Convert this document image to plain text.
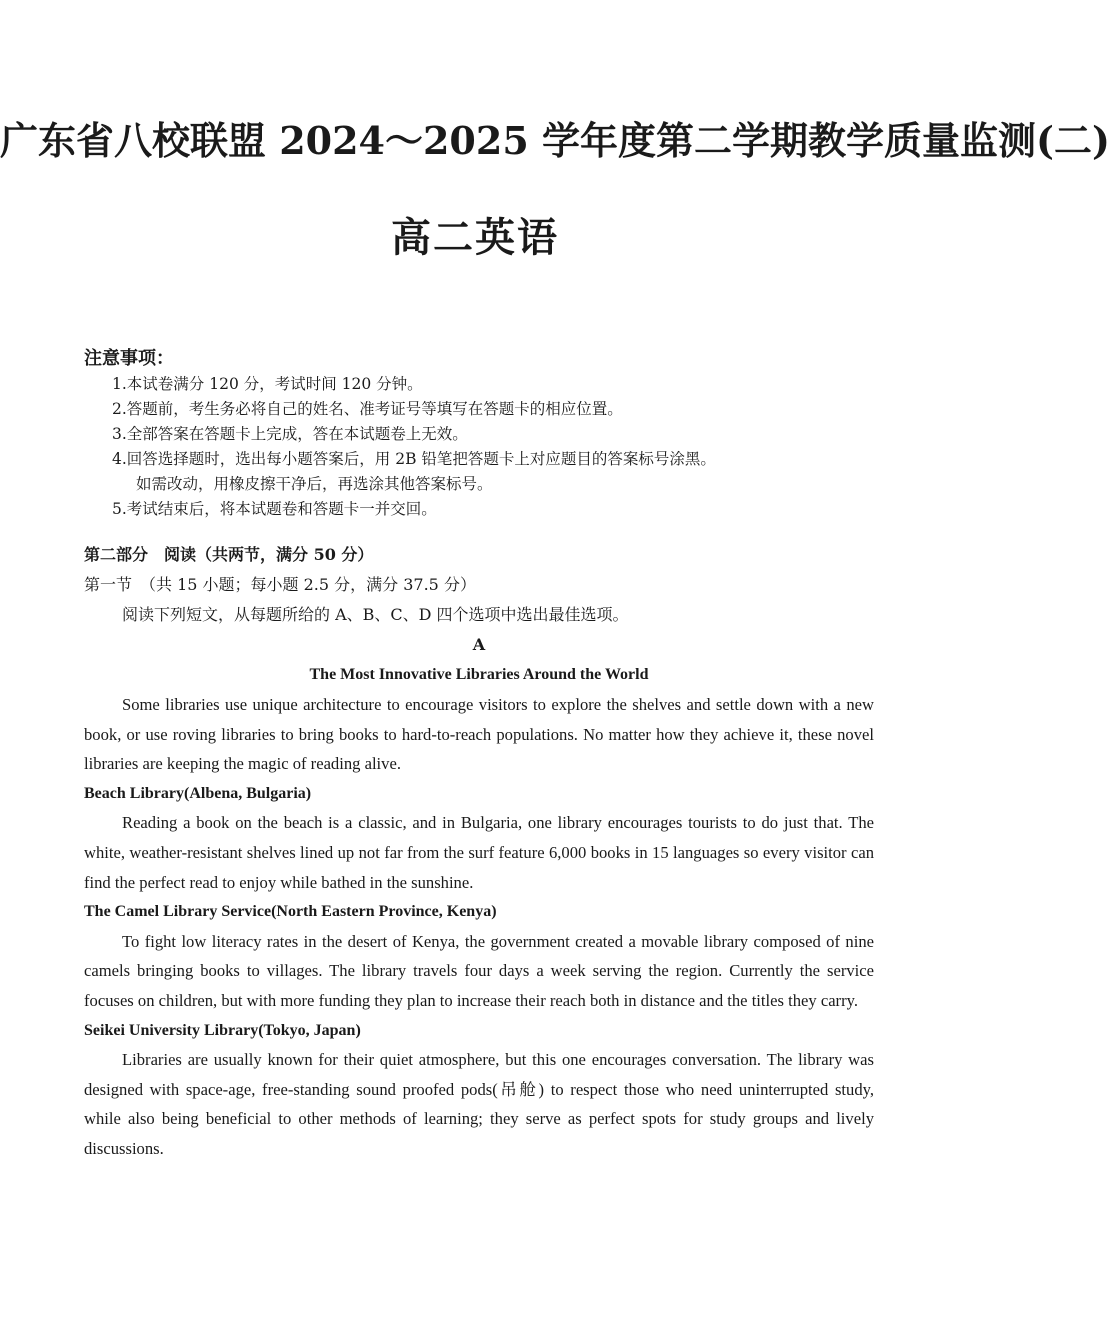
广东省八校联盟 2024～2025 学年度第二学期教学质量监测(二)
高二英语
注意事项：
1.本试卷满分 120 分，考试时间 120 分钟。
2.答题前，考生务必将自己的姓名、准考证号等填写在答题卡的相应位置。
3.全部答案在答题卡上完成，答在本试题卷上无效。
4.回答选择题时，选出每小题答案后，用 2B 铅笔把答题卡上对应题目的答案标号涂黑。
如需改动，用橡皮擦干净后，再选涂其他答案标号。
5.考试结束后，将本试题卷和答题卡一并交回。
第二部分　阅读（共两节，满分 50 分）
第一节　（共 15 小题；每小题 2.5 分，满分 37.5 分）
阅读下列短文，从每题所给的 A、B、C、D 四个选项中选出最佳选项。
A
The Most Innovative Libraries Around the World

Some libraries use unique architecture to encourage visitors to explore the shelves and settle down with a new book, or use roving libraries to bring books to hard-to-reach populations. No matter how they achieve it, these novel libraries are keeping the magic of reading alive.

Beach Library(Albena, Bulgaria)

Reading a book on the beach is a classic, and in Bulgaria, one library encourages tourists to do just that. The white, weather-resistant shelves lined up not far from the surf feature 6,000 books in 15 languages so every visitor can find the perfect read to enjoy while bathed in the sunshine.

The Camel Library Service(North Eastern Province, Kenya)

To fight low literacy rates in the desert of Kenya, the government created a movable library composed of nine camels bringing books to villages. The library travels four days a week serving the region. Currently the service focuses on children, but with more funding they plan to increase their reach both in distance and the titles they carry.

Seikei University Library(Tokyo, Japan)

Libraries are usually known for their quiet atmosphere, but this one encourages conversation. The library was designed with space-age, free-standing sound proofed pods(吊舱) to respect those who need uninterrupted study, while also being beneficial to other methods of learning; they serve as perfect spots for study groups and lively discussions.
